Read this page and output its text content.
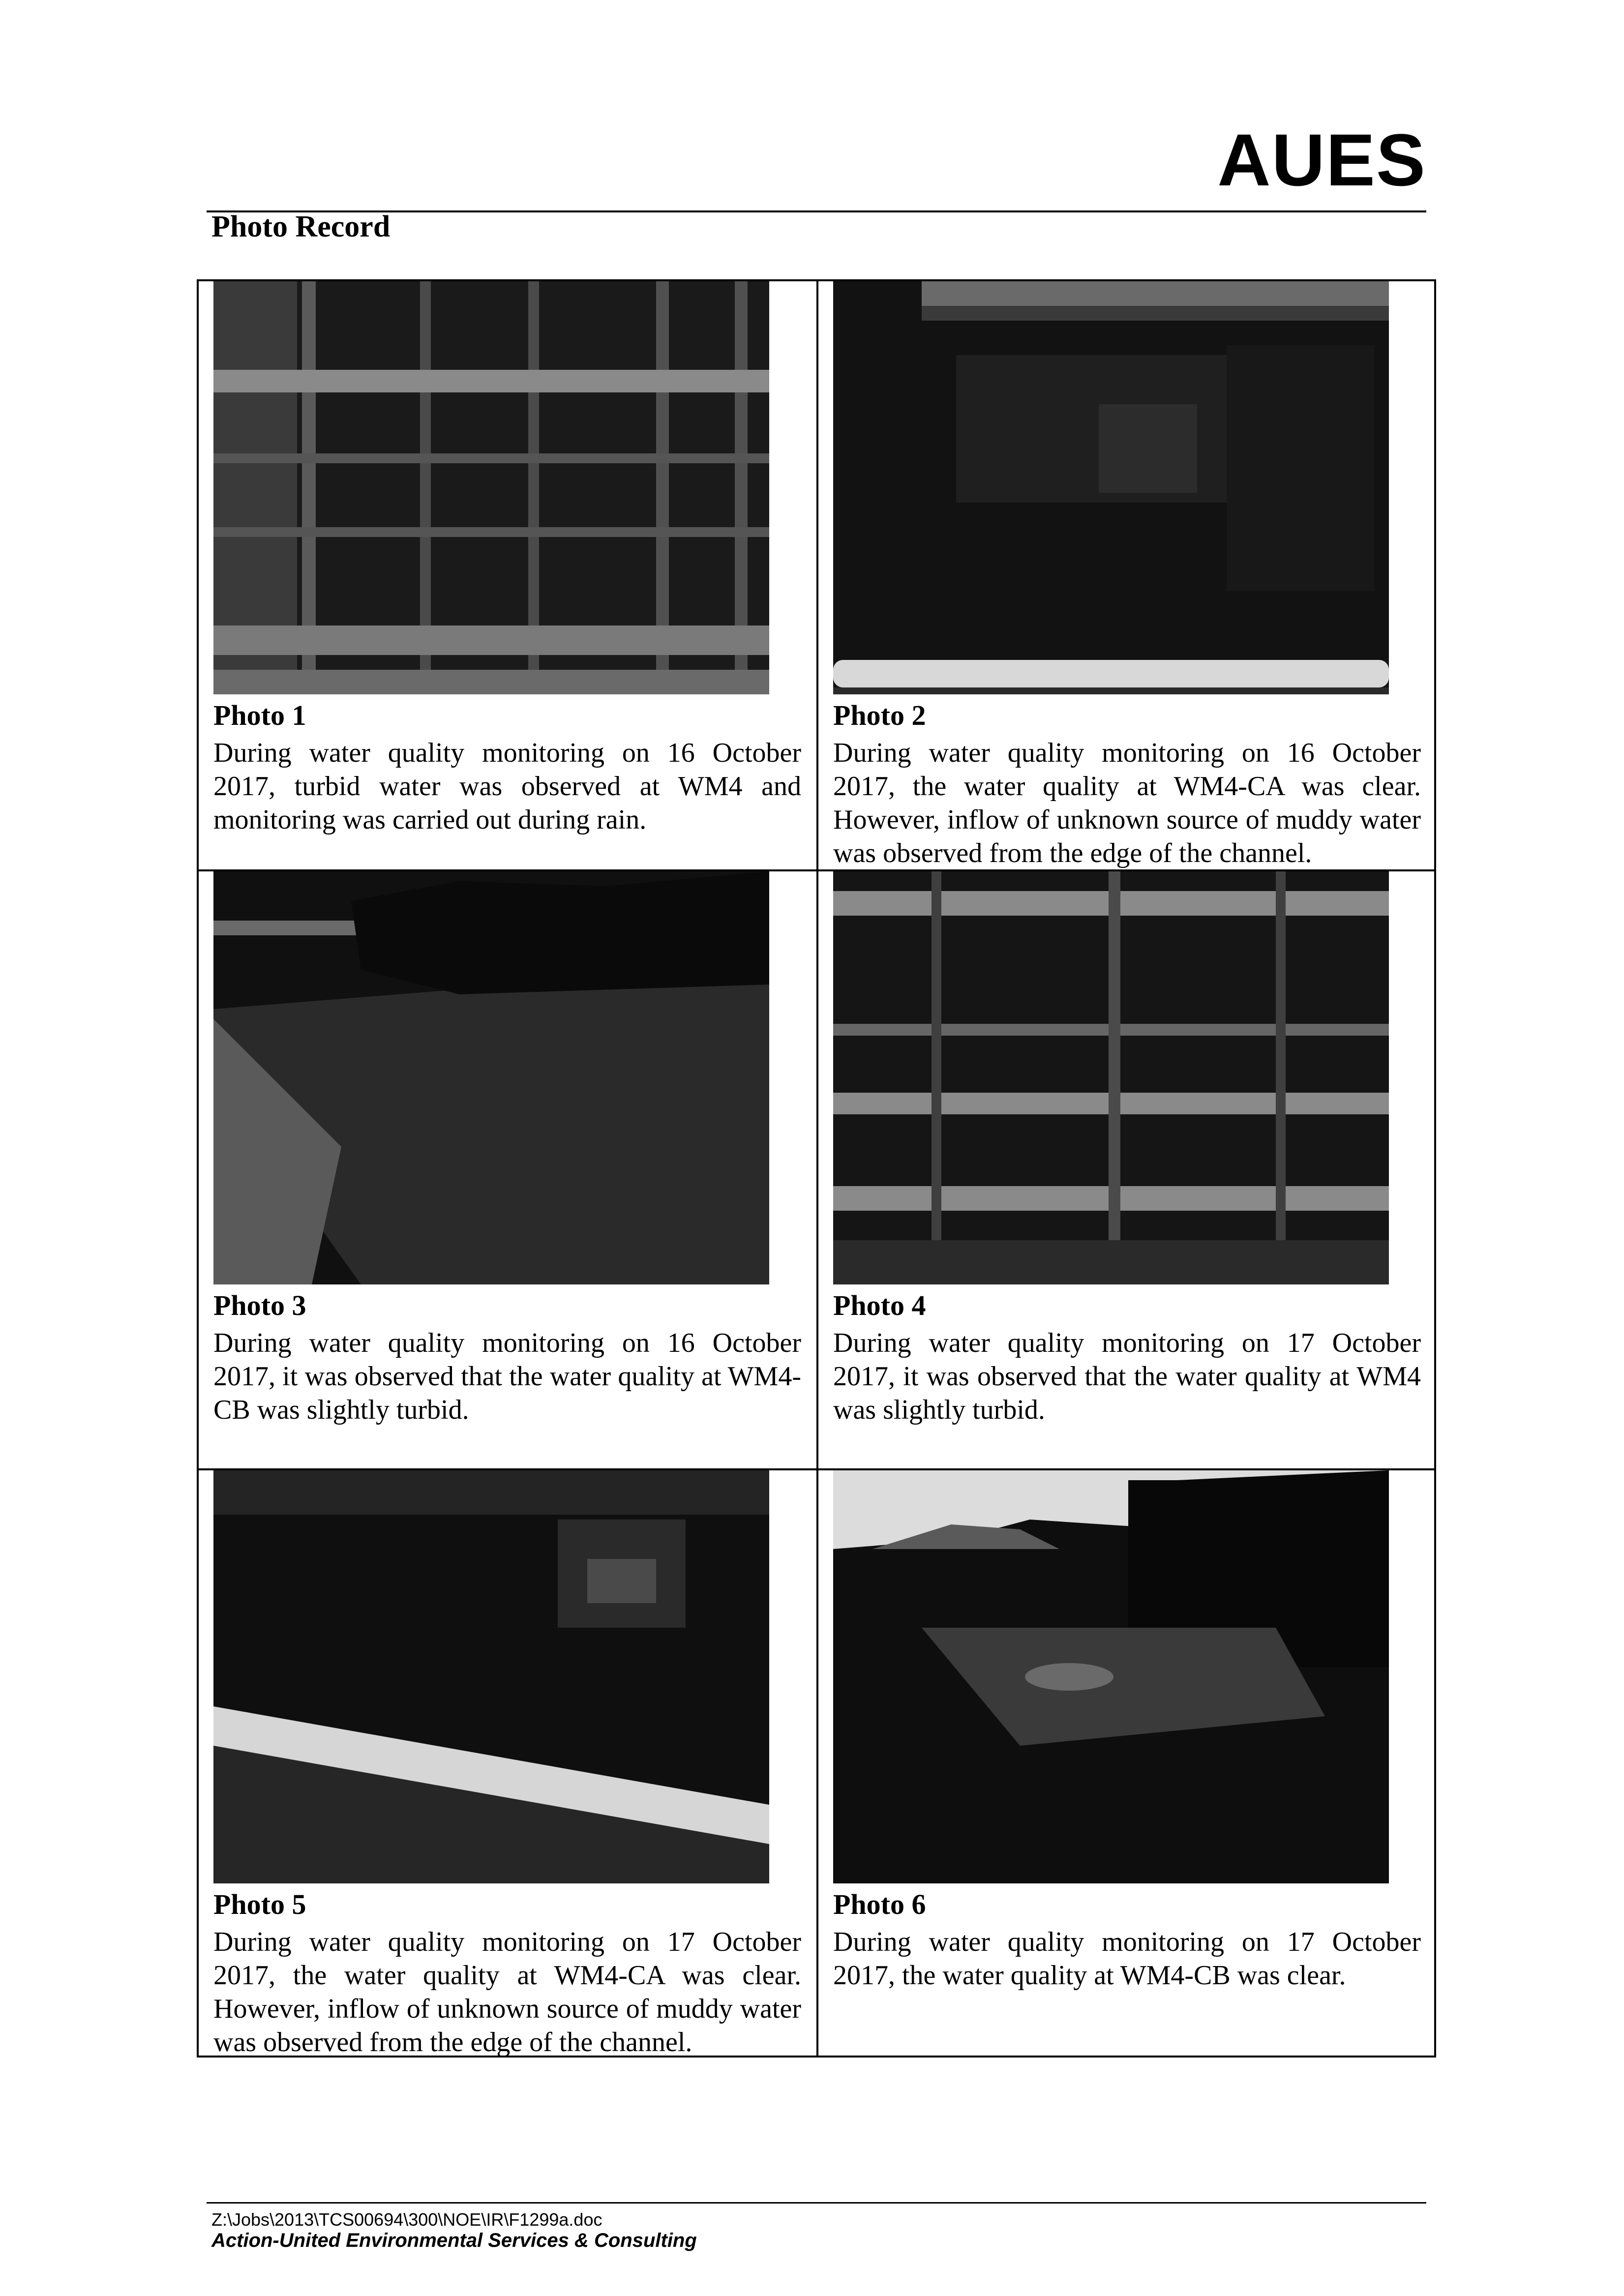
AUES
Photo Record
Photo 1
During water quality monitoring on 16 October 2017, turbid water was observed at WM4 and monitoring was carried out during rain.
Photo 2
During water quality monitoring on 16 October 2017, the water quality at WM4-CA was clear. However, inflow of unknown source of muddy water was observed from the edge of the channel.
Photo 3
During water quality monitoring on 16 October 2017, it was observed that the water quality at WM4-CB was slightly turbid.
Photo 4
During water quality monitoring on 17 October 2017, it was observed that the water quality at WM4 was slightly turbid.
Photo 5
During water quality monitoring on 17 October 2017, the water quality at WM4-CA was clear. However, inflow of unknown source of muddy water was observed from the edge of the channel.
Photo 6
During water quality monitoring on 17 October 2017, the water quality at WM4-CB was clear.
Z:\Jobs\2013\TCS00694\300\NOE\IR\F1299a.doc
Action-United Environmental Services & Consulting
